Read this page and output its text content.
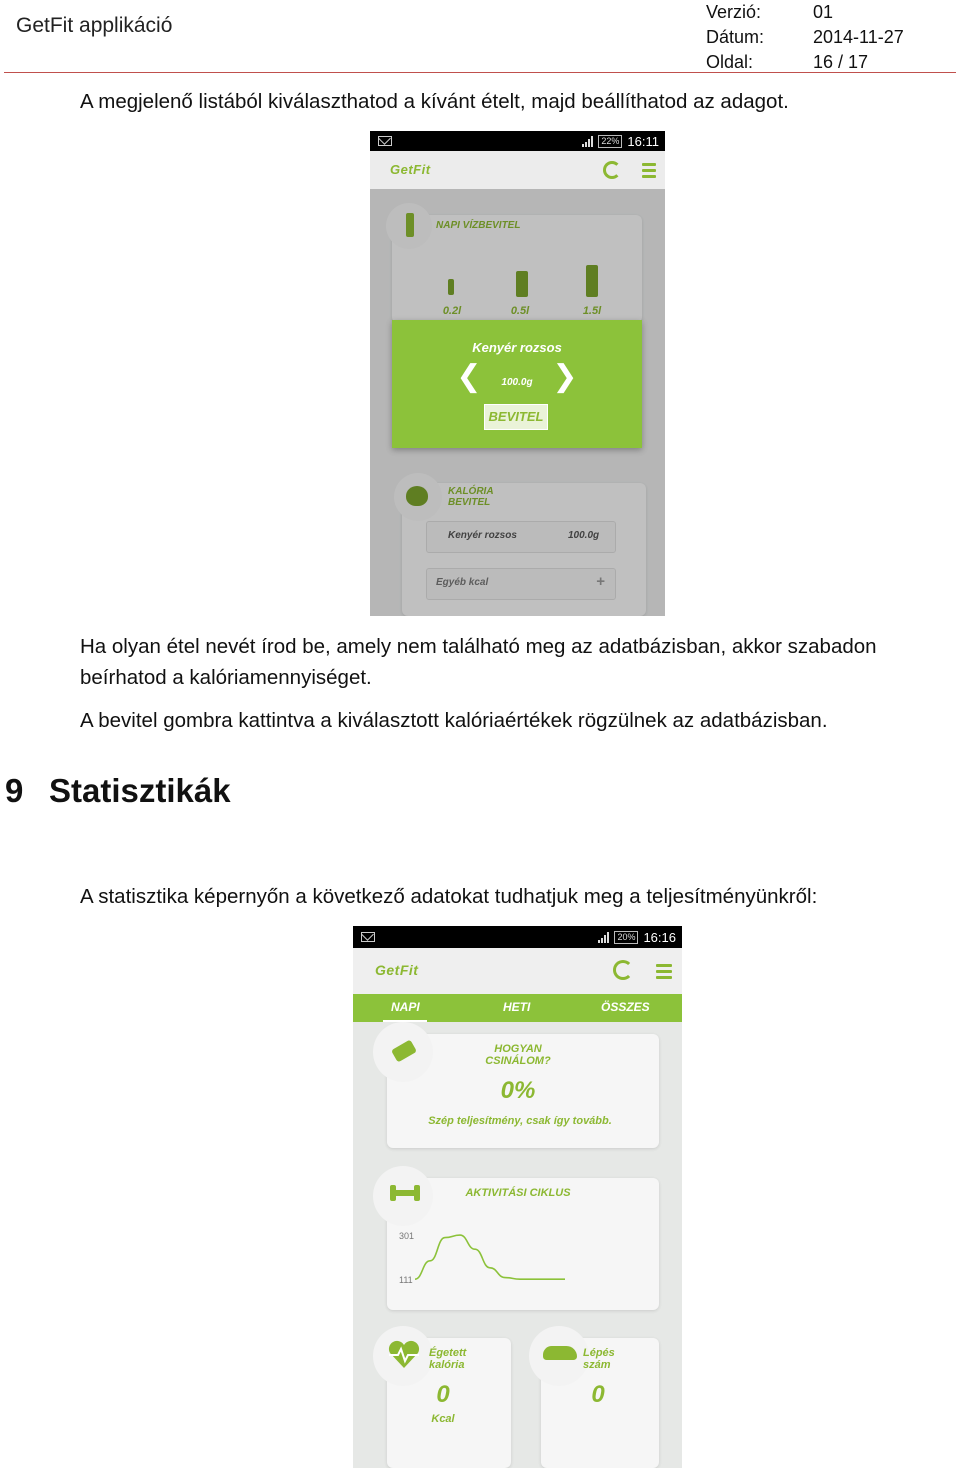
GetFit applikáció
Verzió:	01
Dátum:	2014-11-27
Oldal:	16 / 17
A megjelenő listából kiválaszthatod a kívánt ételt, majd beállíthatod az adagot.
22% 16:11
GetFit
NAPI VÍZBEVITEL
0.2l	0.5l	1.5l
KALÓRIA BEVITEL
Kenyér rozsos	100.0g
Egyéb kcal	+
Kenyér rozsos
❮	100.0g ❯
BEVITEL
Ha olyan étel nevét írod be, amely nem található meg az adatbázisban, akkor szabadon
beírhatod a kalóriamennyiséget.
A bevitel gombra kattintva a kiválasztott kalóriaértékek rögzülnek az adatbázisban.
9 Statisztikák
A statisztika képernyőn a következő adatokat tudhatjuk meg a teljesítményünkről:
20% 16:16
GetFit
NAPI	HETI	ÖSSZES
HOGYAN CSINÁLOM?
0%
Szép teljesítmény, csak így tovább.
AKTIVITÁSI CIKLUS
301
111
Égetett kalória
0
Kcal
Lépés szám
0
